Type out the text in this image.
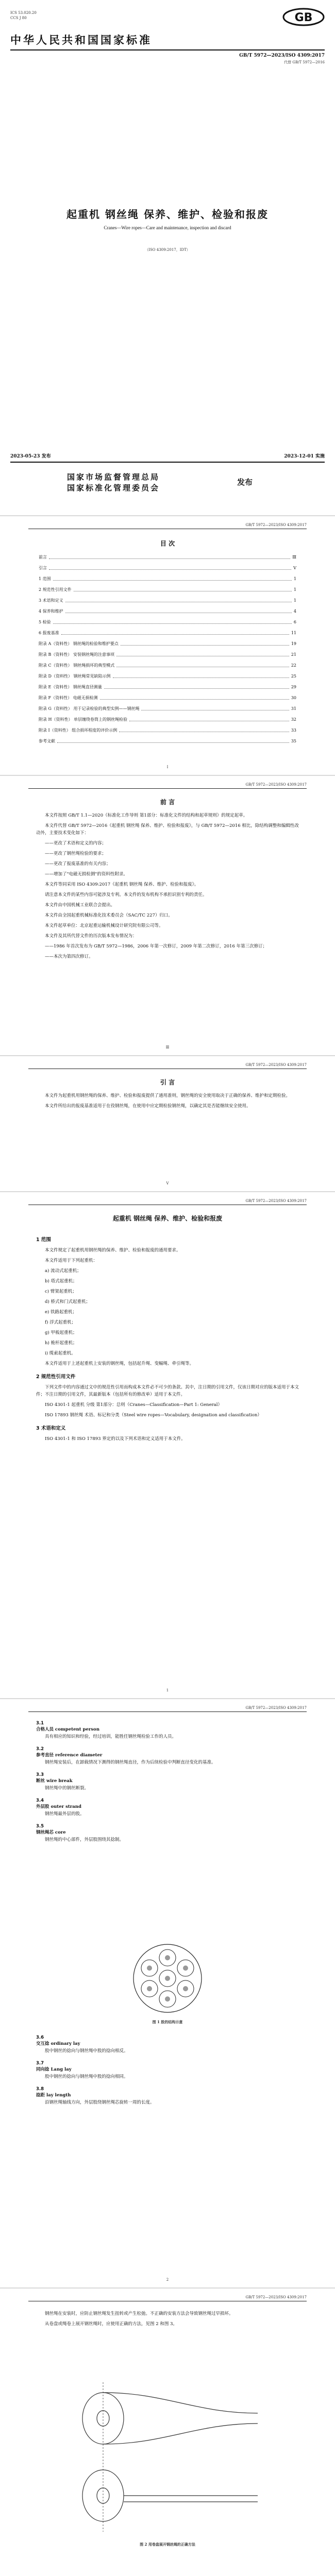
ICS 53.020.20
CCS J 80	GB
中华人民共和国国家标准
GB/T 5972—2023/ISO 4309:2017
代替 GB/T 5972—2016
起重机 钢丝绳 保养、维护、检验和报废
Cranes—Wire ropes—Care and maintenance, inspection and discard
（ISO 4309:2017，IDT）
2023-05-23 发布	2023-12-01 实施
国家市场监督管理总局
国家标准化管理委员会
发布
GB/T 5972—2023/ISO 4309:2017
目 次
前言	Ⅲ
引言	Ⅴ
1 范围	1
2 规范性引用文件	1
3 术语和定义	1
4 保养和维护	4
5 检验	6
6 报废基准	11
附录 A（资料性） 钢丝绳的检验和维护要点	19
附录 B（资料性） 安装钢丝绳的注意事项	21
附录 C（资料性） 钢丝绳损坏的典型模式	22
附录 D（资料性） 钢丝绳常见缺陷示例	25
附录 E（资料性） 钢丝绳直径测量	29
附录 F（资料性） 电磁无损检测	30
附录 G（资料性） 用于记录检验的典型实例——钢丝绳	31
附录 H（资料性） 单层缠绕卷筒上的钢丝绳检验	32
附录 I（资料性） 组合损坏程度的评价示例	33
参考文献	35
Ⅰ
GB/T 5972—2023/ISO 4309:2017
前 言
本文件按照 GB/T 1.1—2020《标准化工作导则 第1部分：标准化文件的结构和起草规则》的规定起草。
本文件代替 GB/T 5972—2016《起重机 钢丝绳 保养、维护、检验和报废》，与 GB/T 5972—2016 相比，除结构调整和编辑性改动外，主要技术变化如下：
——更改了术语和定义的内容；
——更改了钢丝绳检验的要求；
——更改了报废基准的有关内容；
——增加了"电磁无损检测"的资料性附录。
本文件等同采用 ISO 4309:2017《起重机 钢丝绳 保养、维护、检验和报废》。
请注意本文件的某些内容可能涉及专利。本文件的发布机构不承担识别专利的责任。
本文件由中国机械工业联合会提出。
本文件由全国起重机械标准化技术委员会（SAC/TC 227）归口。
本文件起草单位：北京起重运输机械设计研究院有限公司等。
本文件及其所代替文件的历次版本发布情况为：
——1986 年首次发布为 GB/T 5972—1986，2006 年第一次修订，2009 年第二次修订，2016 年第三次修订；
——本次为第四次修订。
Ⅲ
GB/T 5972—2023/ISO 4309:2017
引 言
本文件为起重机用钢丝绳的保养、维护、检验和报废提供了通用准则，钢丝绳的安全使用取决于正确的保养、维护和定期检验。
本文件所给出的报废基准适用于在役钢丝绳，在使用中应定期检验钢丝绳，以确定其是否能继续安全使用。
Ⅴ
GB/T 5972—2023/ISO 4309:2017
起重机 钢丝绳 保养、维护、检验和报废
1 范围
本文件规定了起重机用钢丝绳的保养、维护、检验和报废的通用要求。
本文件适用于下列起重机：
a) 流动式起重机；
b) 塔式起重机；
c) 臂架起重机；
d) 桥式和门式起重机；
e) 铁路起重机；
f) 浮式起重机；
g) 甲板起重机；
h) 桅杆起重机；
i) 缆索起重机。
本文件适用于上述起重机上安装的钢丝绳，包括起升绳、变幅绳、牵引绳等。
2 规范性引用文件
下列文件中的内容通过文中的规范性引用而构成本文件必不可少的条款。其中，注日期的引用文件，仅该日期对应的版本适用于本文件；不注日期的引用文件，其最新版本（包括所有的修改单）适用于本文件。
ISO 4301-1 起重机 分级 第1部分：总则（Cranes—Classification—Part 1: General）
ISO 17893 钢丝绳 术语、标记和分类（Steel wire ropes—Vocabulary, designation and classification）
3 术语和定义
ISO 4301-1 和 ISO 17893 界定的以及下列术语和定义适用于本文件。
1
GB/T 5972—2023/ISO 4309:2017
3.1
合格人员 competent person
具有相应的知识和经验，经过培训，能胜任钢丝绳检验工作的人员。
3.2
参考直径 reference diameter
钢丝绳安装后，在卸载情况下测得的钢丝绳直径，作为后续检验中判断直径变化的基准。
3.3
断丝 wire break
钢丝绳中的钢丝断裂。
3.4
外层股 outer strand
钢丝绳最外层的股。
3.5
钢丝绳芯 core
钢丝绳的中心部件，外层股围绕其捻制。
图 1 股的结构示意
3.6
交互捻 ordinary lay
股中钢丝的捻向与钢丝绳中股的捻向相反。
3.7
同向捻 Lang lay
股中钢丝的捻向与钢丝绳中股的捻向相同。
3.8
捻距 lay length
沿钢丝绳轴线方向，外层股绕钢丝绳芯旋转一周的长度。
2
GB/T 5972—2023/ISO 4309:2017
钢丝绳在安装时，应防止钢丝绳发生扭转或产生松弛。不正确的安装方法会导致钢丝绳过早损坏。
从卷盘或绳卷上展开钢丝绳时，应使用正确的方法，见图 2 和图 3。
图 2 用卷盘展开钢丝绳的正确方法
